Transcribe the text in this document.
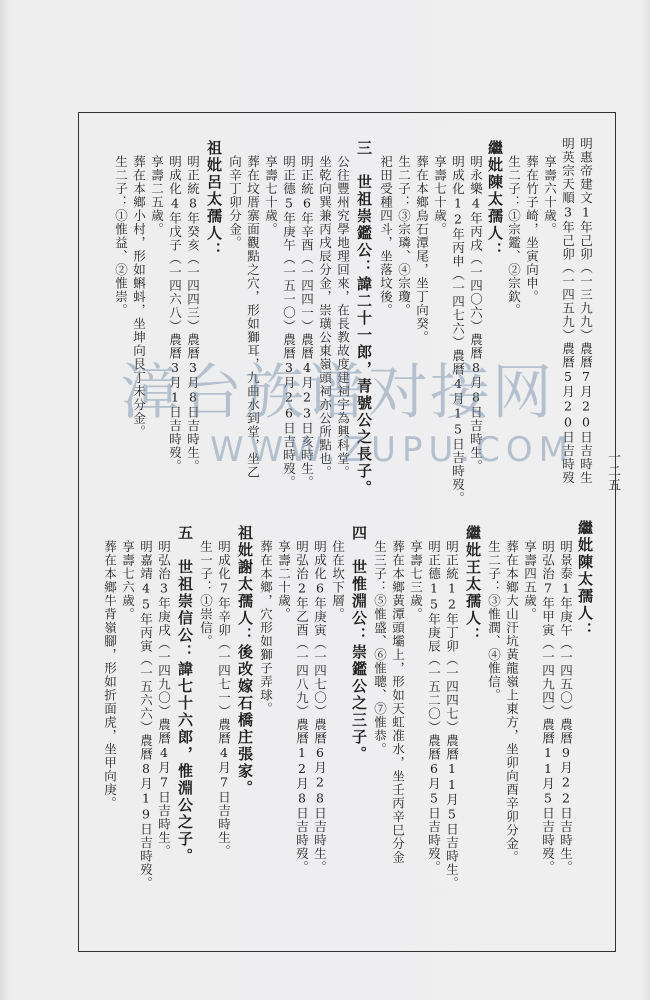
明惠帝建文1年己卯（一三九九）農曆7月20日吉時生
明英宗天順3年己卯（一四五九）農曆5月20日吉時歿
享壽六十歲。
葬在竹子崎，坐寅向申。
生二子：①宗鑑、②宗欽。
繼妣陳太孺人：
明永樂4年丙戌（一四〇六）農曆8月8日吉時生。
明成化12年丙申（一四七六）農曆4月15日吉時歿。
享壽七十歲。
葬在本鄉烏石潭尾，坐丁向癸。
生二子：③宗璘、④宗瓊。
祀田受種四斗，坐落坟後。
三　世祖崇鑑公：諱二十一郎，青號公之長子。
公往豐州究學地理回來，在長教故度建祠宇為興科堂。
坐乾向巽兼丙戌辰分金，崇璜公東嶺頭祠亦公所點也。
明正統6年辛酉（一四四一）農曆4月23日亥時生。
明正德5年庚午（一五一〇）農曆3月26日吉時歿。
享壽七十歲。
葬在坟厝寨面觀點之穴，形如獅耳，九曲水到堂，坐乙
向辛丁卯分金。
祖妣呂太孺人：
明正統8年癸亥（一四四三）農曆3月8日吉時生。
明成化4年戊子（一四六八）農曆3月1日吉時歿。
享壽二五歲。
葬在本鄉小村，形如蝌蚪，坐坤向艮丁未分金。
生二子：①惟益、②惟崇。
繼妣陳太孺人：
明景泰1年庚午（一四五〇）農曆9月22日吉時生。
明弘治7年甲寅（一四九四）農曆11月5日吉時歿。
享壽四五歲。
葬在本鄉大山汗坑黃龍嶺上東方，坐卯向酉辛卯分金。
生二子：③惟潤、④惟信。
繼妣王太孺人：
明正統12年丁卯（一四四七）農曆11月5日吉時生。
明正德15年庚辰（一五二〇）農曆6月5日吉時歿。
享壽七三歲。
葬在本鄉黃潭頭壩上，形如天虹准水，坐壬丙辛巳分金
生三子：⑤惟盛、⑥惟聰、⑦惟恭。
四　世惟淵公：崇鑑公之三子。
住在坎下層。
明成化6年庚寅（一四七〇）農曆6月28日吉時生。
明弘治2年乙酉（一四八九）農曆12月8日吉時歿。
享壽二十歲。
葬在本鄉，穴形如獅子弄球。
祖妣謝太孺人：後改嫁石橋庄張家。
明成化7年辛卯（一四七一）農曆4月7日吉時生。
生一子：①崇信。
五　世祖崇信公：諱七十六郎，惟淵公之子。
明弘治3年庚戌（一四九〇）農曆4月7日吉時生。
明嘉靖45年丙寅（一五六六）農曆8月19日吉時歿。
享壽七六歲。
葬在本鄉牛背嶺腳，形如折面虎，坐甲向庚。
一二五
漳台族谱对接网
WWW.ZUPU.COM
